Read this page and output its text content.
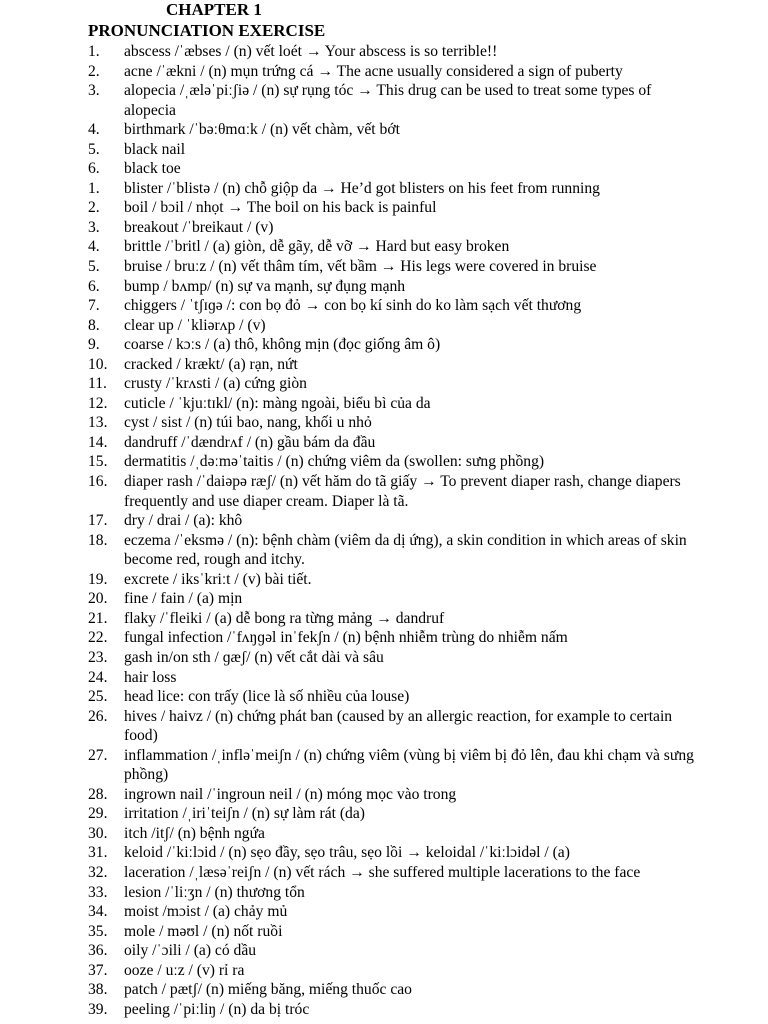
CHAPTER 1
PRONUNCIATION EXERCISE
1. abscess /ˈæbses / (n) vết loét → Your abscess is so terrible!!
2. acne /ˈækni / (n) mụn trứng cá → The acne usually considered a sign of puberty
3. alopecia /ˌæləˈpiːʃiə / (n) sự rụng tóc → This drug can be used to treat some types of alopecia
4. birthmark /ˈbəːθmɑːk / (n) vết chàm, vết bớt
5. black nail
6. black toe
1. blister /ˈblistə / (n) chỗ giộp da → He’d got blisters on his feet from running
2. boil / bɔil / nhọt → The boil on his back is painful
3. breakout /ˈbreikaut / (v)
4. brittle /ˈbritl / (a) giòn, dễ gãy, dễ vỡ → Hard but easy broken
5. bruise / bruːz / (n) vết thâm tím, vết bầm → His legs were covered in bruise
6. bump / bʌmp/ (n) sự va mạnh, sự đụng mạnh
7. chiggers / ˈtʃɪɡə /: con bọ đỏ → con bọ kí sinh do ko làm sạch vết thương
8. clear up / ˈkliərʌp / (v)
9. coarse / kɔːs / (a) thô, không mịn (đọc giống âm ô)
10. cracked / krækt/ (a) rạn, nứt
11. crusty /ˈkrʌsti / (a) cứng giòn
12. cuticle / ˈkjuːtɪkl/ (n): màng ngoài, biểu bì của da
13. cyst / sist / (n) túi bao, nang, khối u nhỏ
14. dandruff /ˈdændrʌf / (n) gầu bám da đầu
15. dermatitis /ˌdəːməˈtaitis / (n) chứng viêm da (swollen: sưng phồng)
16. diaper rash /ˈdaiəpə ræʃ/ (n) vết hăm do tã giấy → To prevent diaper rash, change diapers frequently and use diaper cream. Diaper là tã.
17. dry / drai / (a): khô
18. eczema /ˈeksmə / (n): bệnh chàm (viêm da dị ứng), a skin condition in which areas of skin become red, rough and itchy.
19. excrete / iksˈkriːt / (v) bài tiết.
20. fine / fain / (a) mịn
21. flaky /ˈfleiki / (a) dễ bong ra từng mảng → dandruf
22. fungal infection /ˈfʌŋɡəl inˈfekʃn / (n) bệnh nhiễm trùng do nhiễm nấm
23. gash in/on sth / ɡæʃ/ (n) vết cắt dài và sâu
24. hair loss
25. head lice: con trấy (lice là số nhiều của louse)
26. hives / haivz / (n) chứng phát ban (caused by an allergic reaction, for example to certain food)
27. inflammation /ˌinfləˈmeiʃn / (n) chứng viêm (vùng bị viêm bị đỏ lên, đau khi chạm và sưng phồng)
28. ingrown nail /ˈingroun neil / (n) móng mọc vào trong
29. irritation /ˌiriˈteiʃn / (n) sự làm rát (da)
30. itch /itʃ/ (n) bệnh ngứa
31. keloid /ˈkiːlɔid / (n) sẹo đầy, sẹo trâu, sẹo lồi → keloidal /ˈkiːlɔidəl / (a)
32. laceration /ˌlæsəˈreiʃn / (n) vết rách → she suffered multiple lacerations to the face
33. lesion /ˈliːʒn / (n) thương tổn
34. moist /mɔist / (a) chảy mủ
35. mole / məʊl / (n) nốt ruồi
36. oily /ˈɔili / (a) có dầu
37. ooze / uːz / (v) rỉ ra
38. patch / pætʃ/ (n) miếng băng, miếng thuốc cao
39. peeling /ˈpiːliŋ / (n) da bị tróc
